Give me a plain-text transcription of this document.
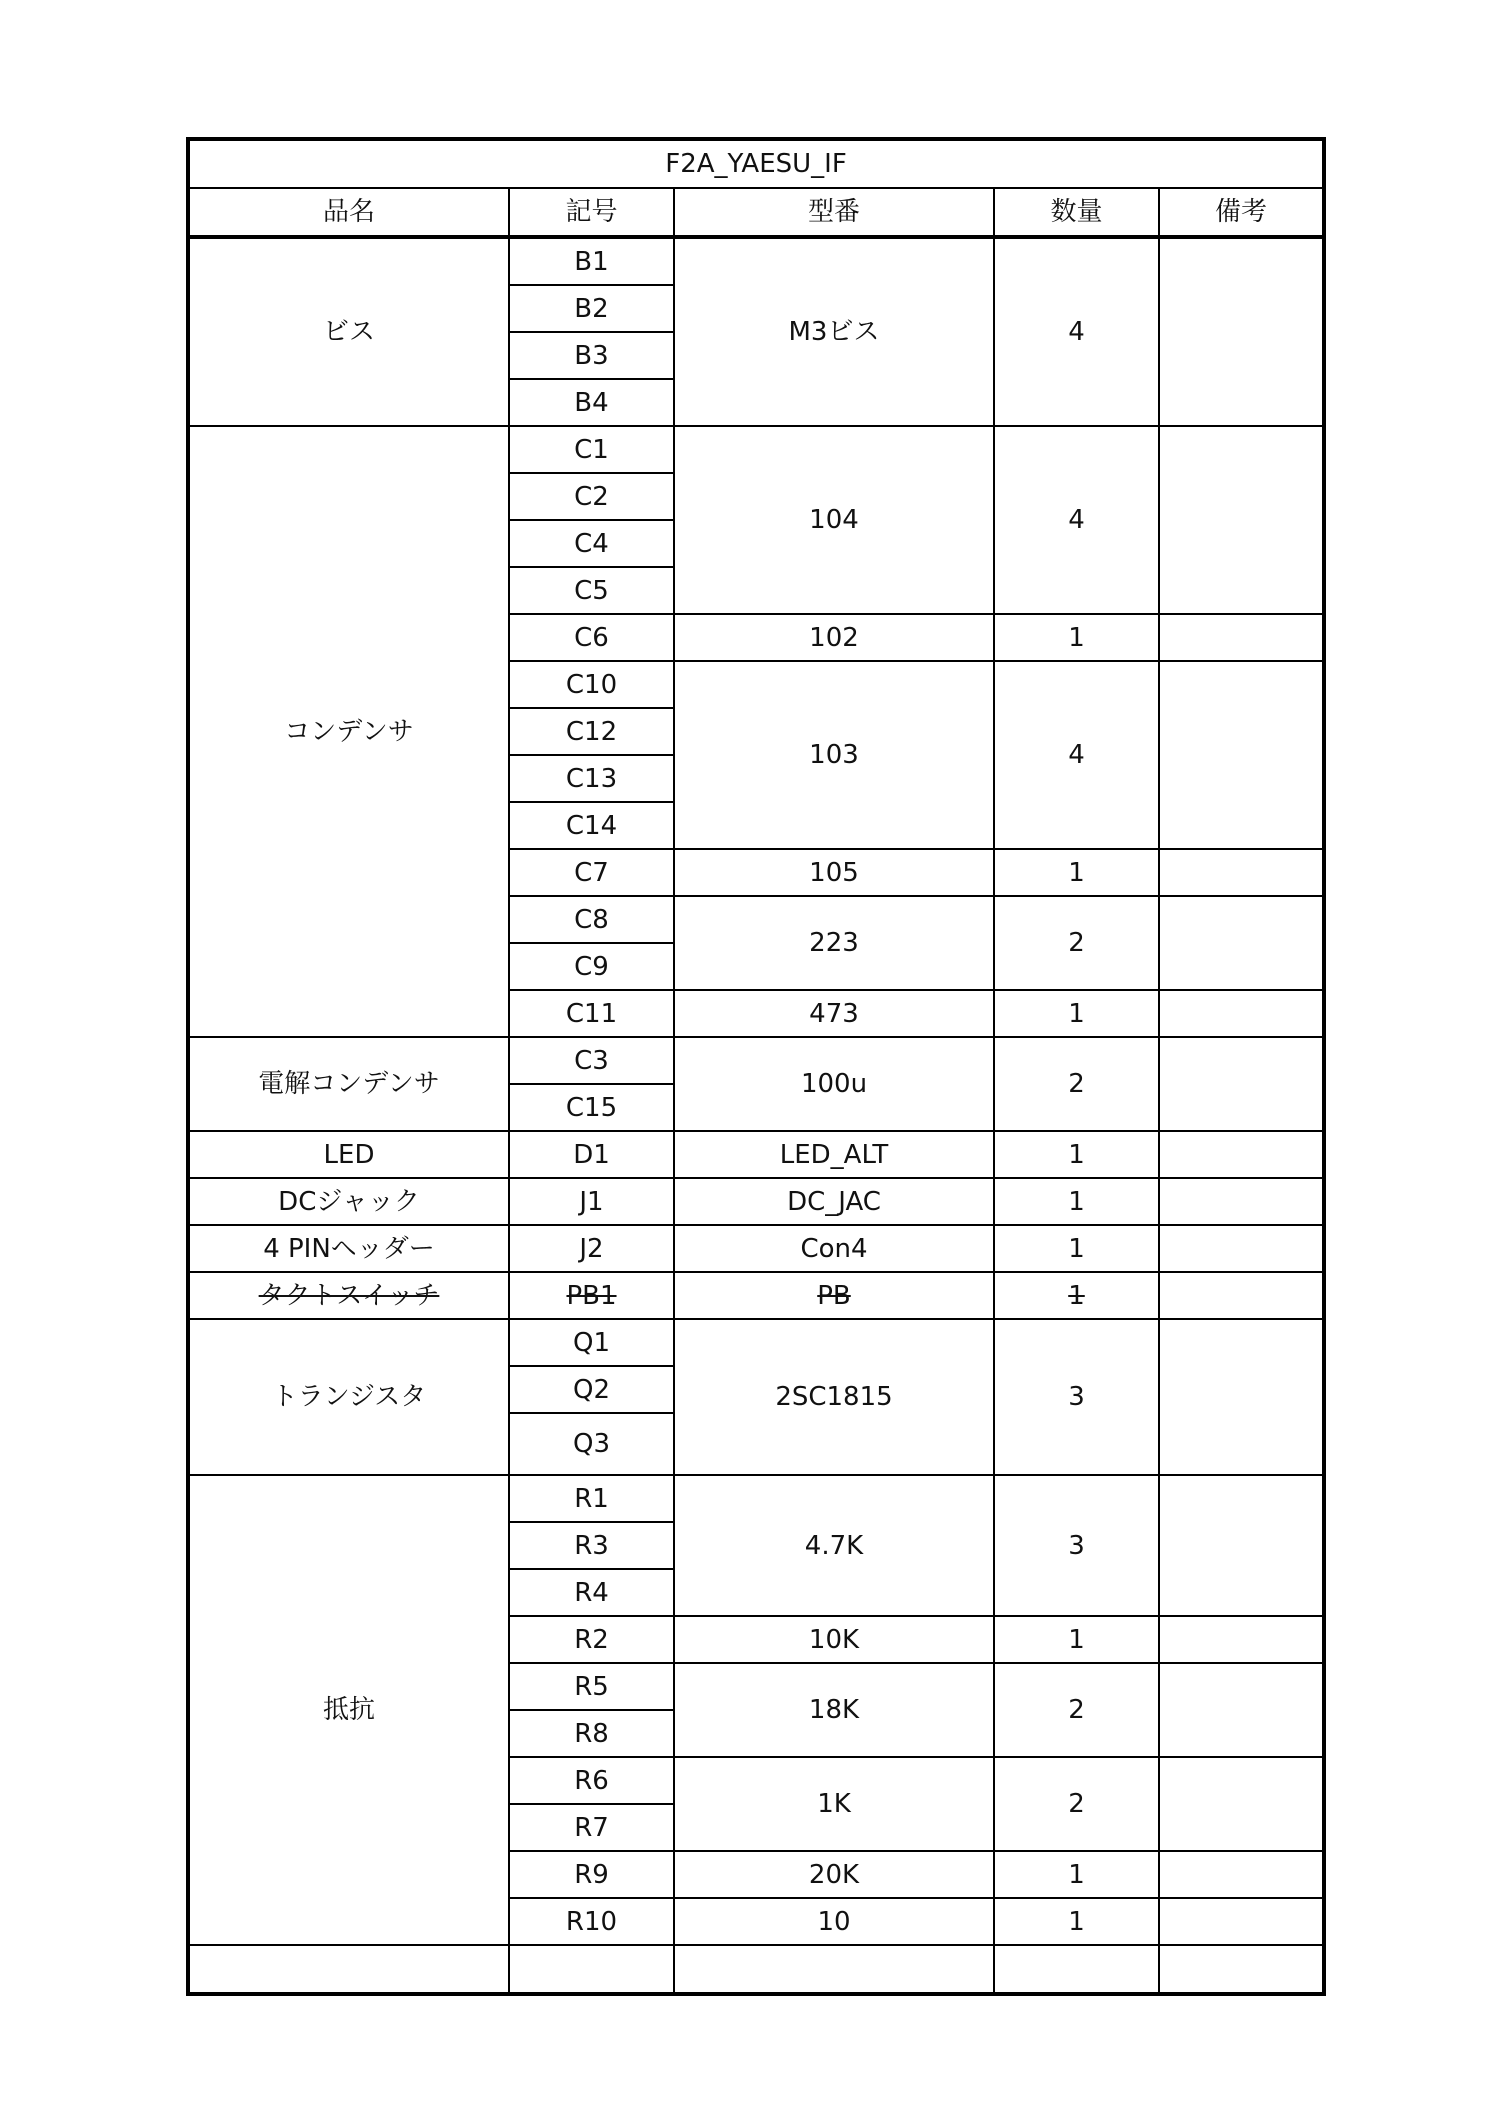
F2A_YAESU_IF				
品名	記号	型番	数量	備考
ビス	B1	M3ビス	4	
	B2			
	B3			
	B4			
コンデンサ	C1	104	4	
	C2			
	C4			
	C5			
	C6	102	1	
	C10	103	4	
	C12			
	C13			
	C14			
	C7	105	1	
	C8	223	2	
	C9			
	C11	473	1	
電解コンデンサ	C3	100u	2	
	C15			
LED	D1	LED_ALT	1	
DCジャック	J1	DC_JAC	1	
4 PINヘッダー	J2	Con4	1	
タクトスイッチ	PB1	PB	1	
トランジスタ	Q1	2SC1815	3	
	Q2			
	Q3			
抵抗	R1	4.7K	3	
	R3			
	R4			
	R2	10K	1	
	R5	18K	2	
	R8			
	R6	1K	2	
	R7			
	R9	20K	1	
	R10	10	1	
